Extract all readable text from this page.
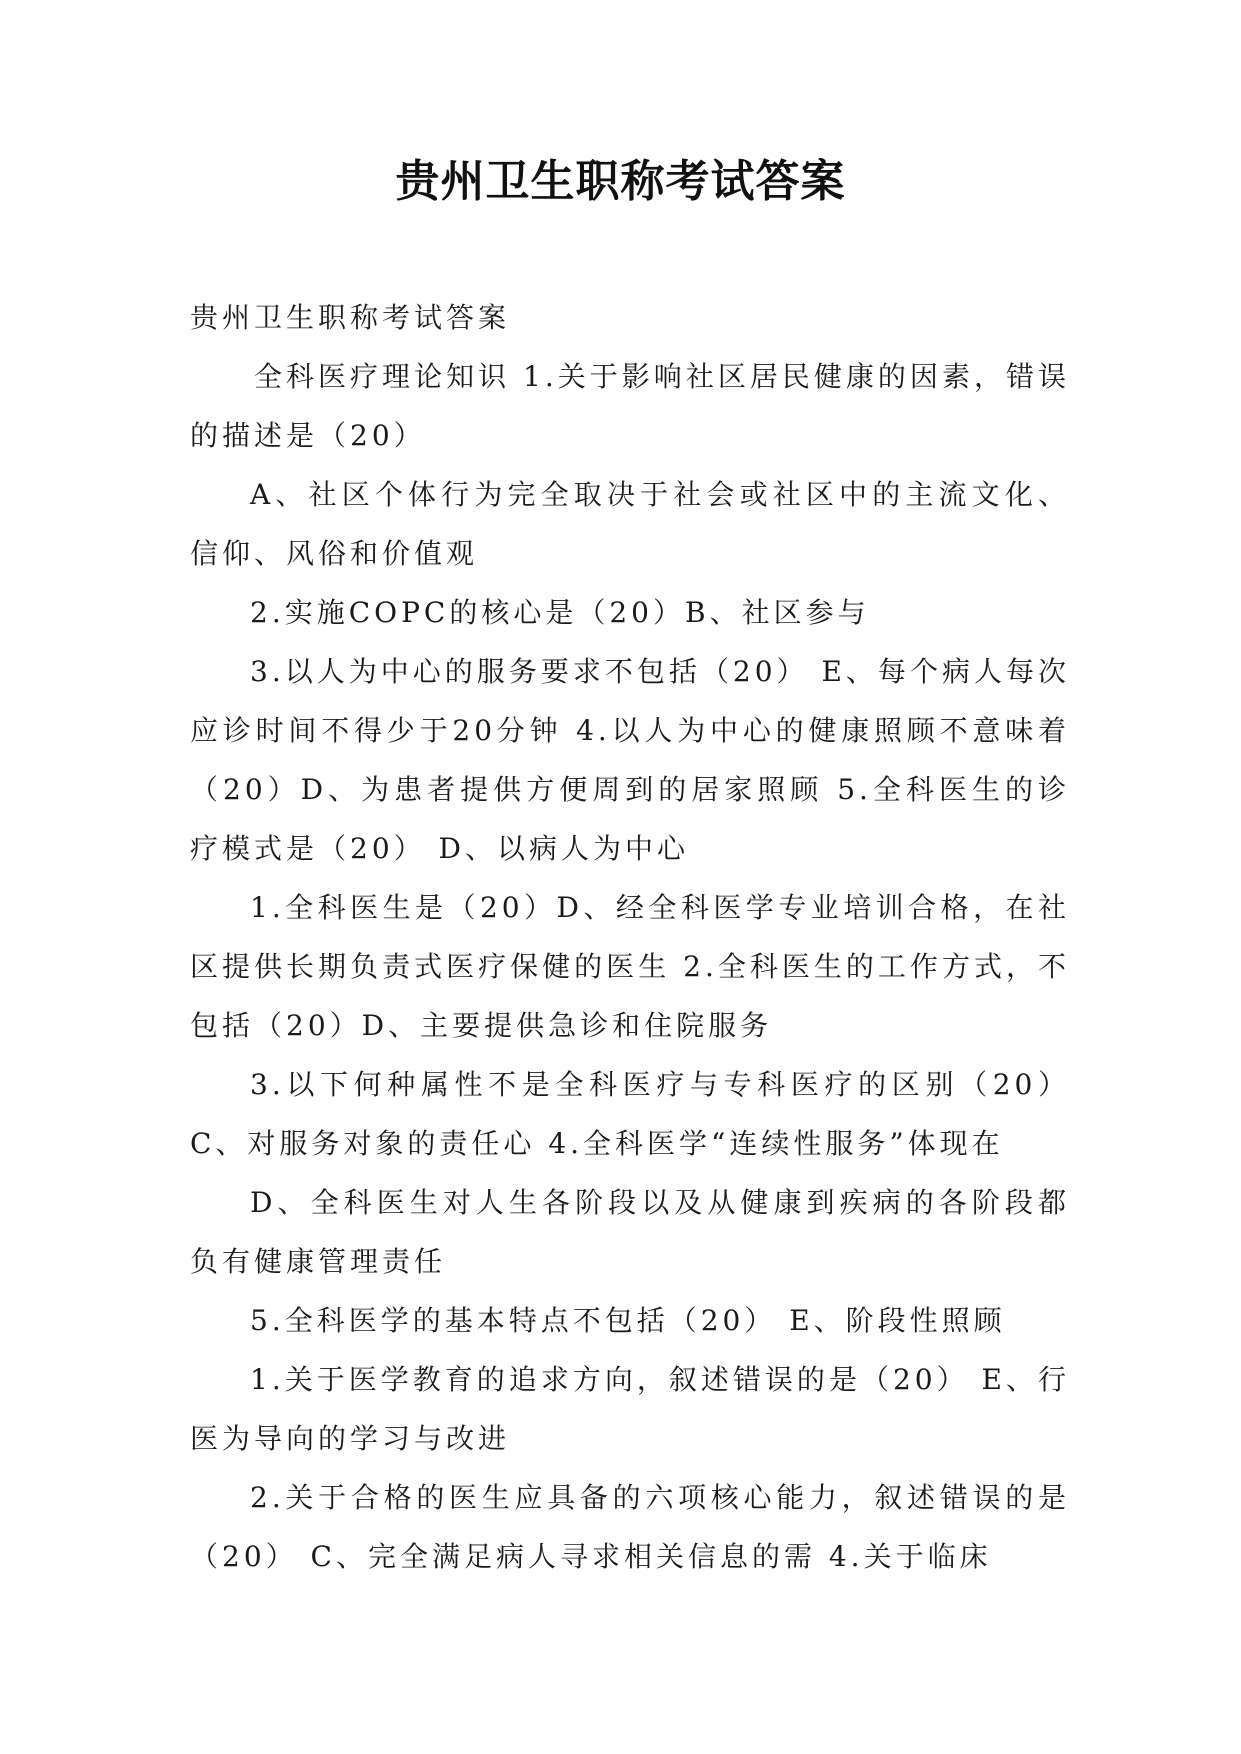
贵州卫生职称考试答案

贵州卫生职称考试答案

全科医疗理论知识 1.关于影响社区居民健康的因素，错误的描述是（20）

A、社区个体行为完全取决于社会或社区中的主流文化、信仰、风俗和价值观

2.实施COPC的核心是（20）B、社区参与

3.以人为中心的服务要求不包括（20） E、每个病人每次应诊时间不得少于20分钟 4.以人为中心的健康照顾不意味着（20）D、为患者提供方便周到的居家照顾 5.全科医生的诊疗模式是（20） D、以病人为中心

1.全科医生是（20）D、经全科医学专业培训合格，在社区提供长期负责式医疗保健的医生 2.全科医生的工作方式，不包括（20）D、主要提供急诊和住院服务

3.以下何种属性不是全科医疗与专科医疗的区别（20）C、对服务对象的责任心 4.全科医学“连续性服务”体现在

D、全科医生对人生各阶段以及从健康到疾病的各阶段都负有健康管理责任

5.全科医学的基本特点不包括（20） E、阶段性照顾

1.关于医学教育的追求方向，叙述错误的是（20） E、行医为导向的学习与改进

2.关于合格的医生应具备的六项核心能力，叙述错误的是（20） C、完全满足病人寻求相关信息的需 4.关于临床
